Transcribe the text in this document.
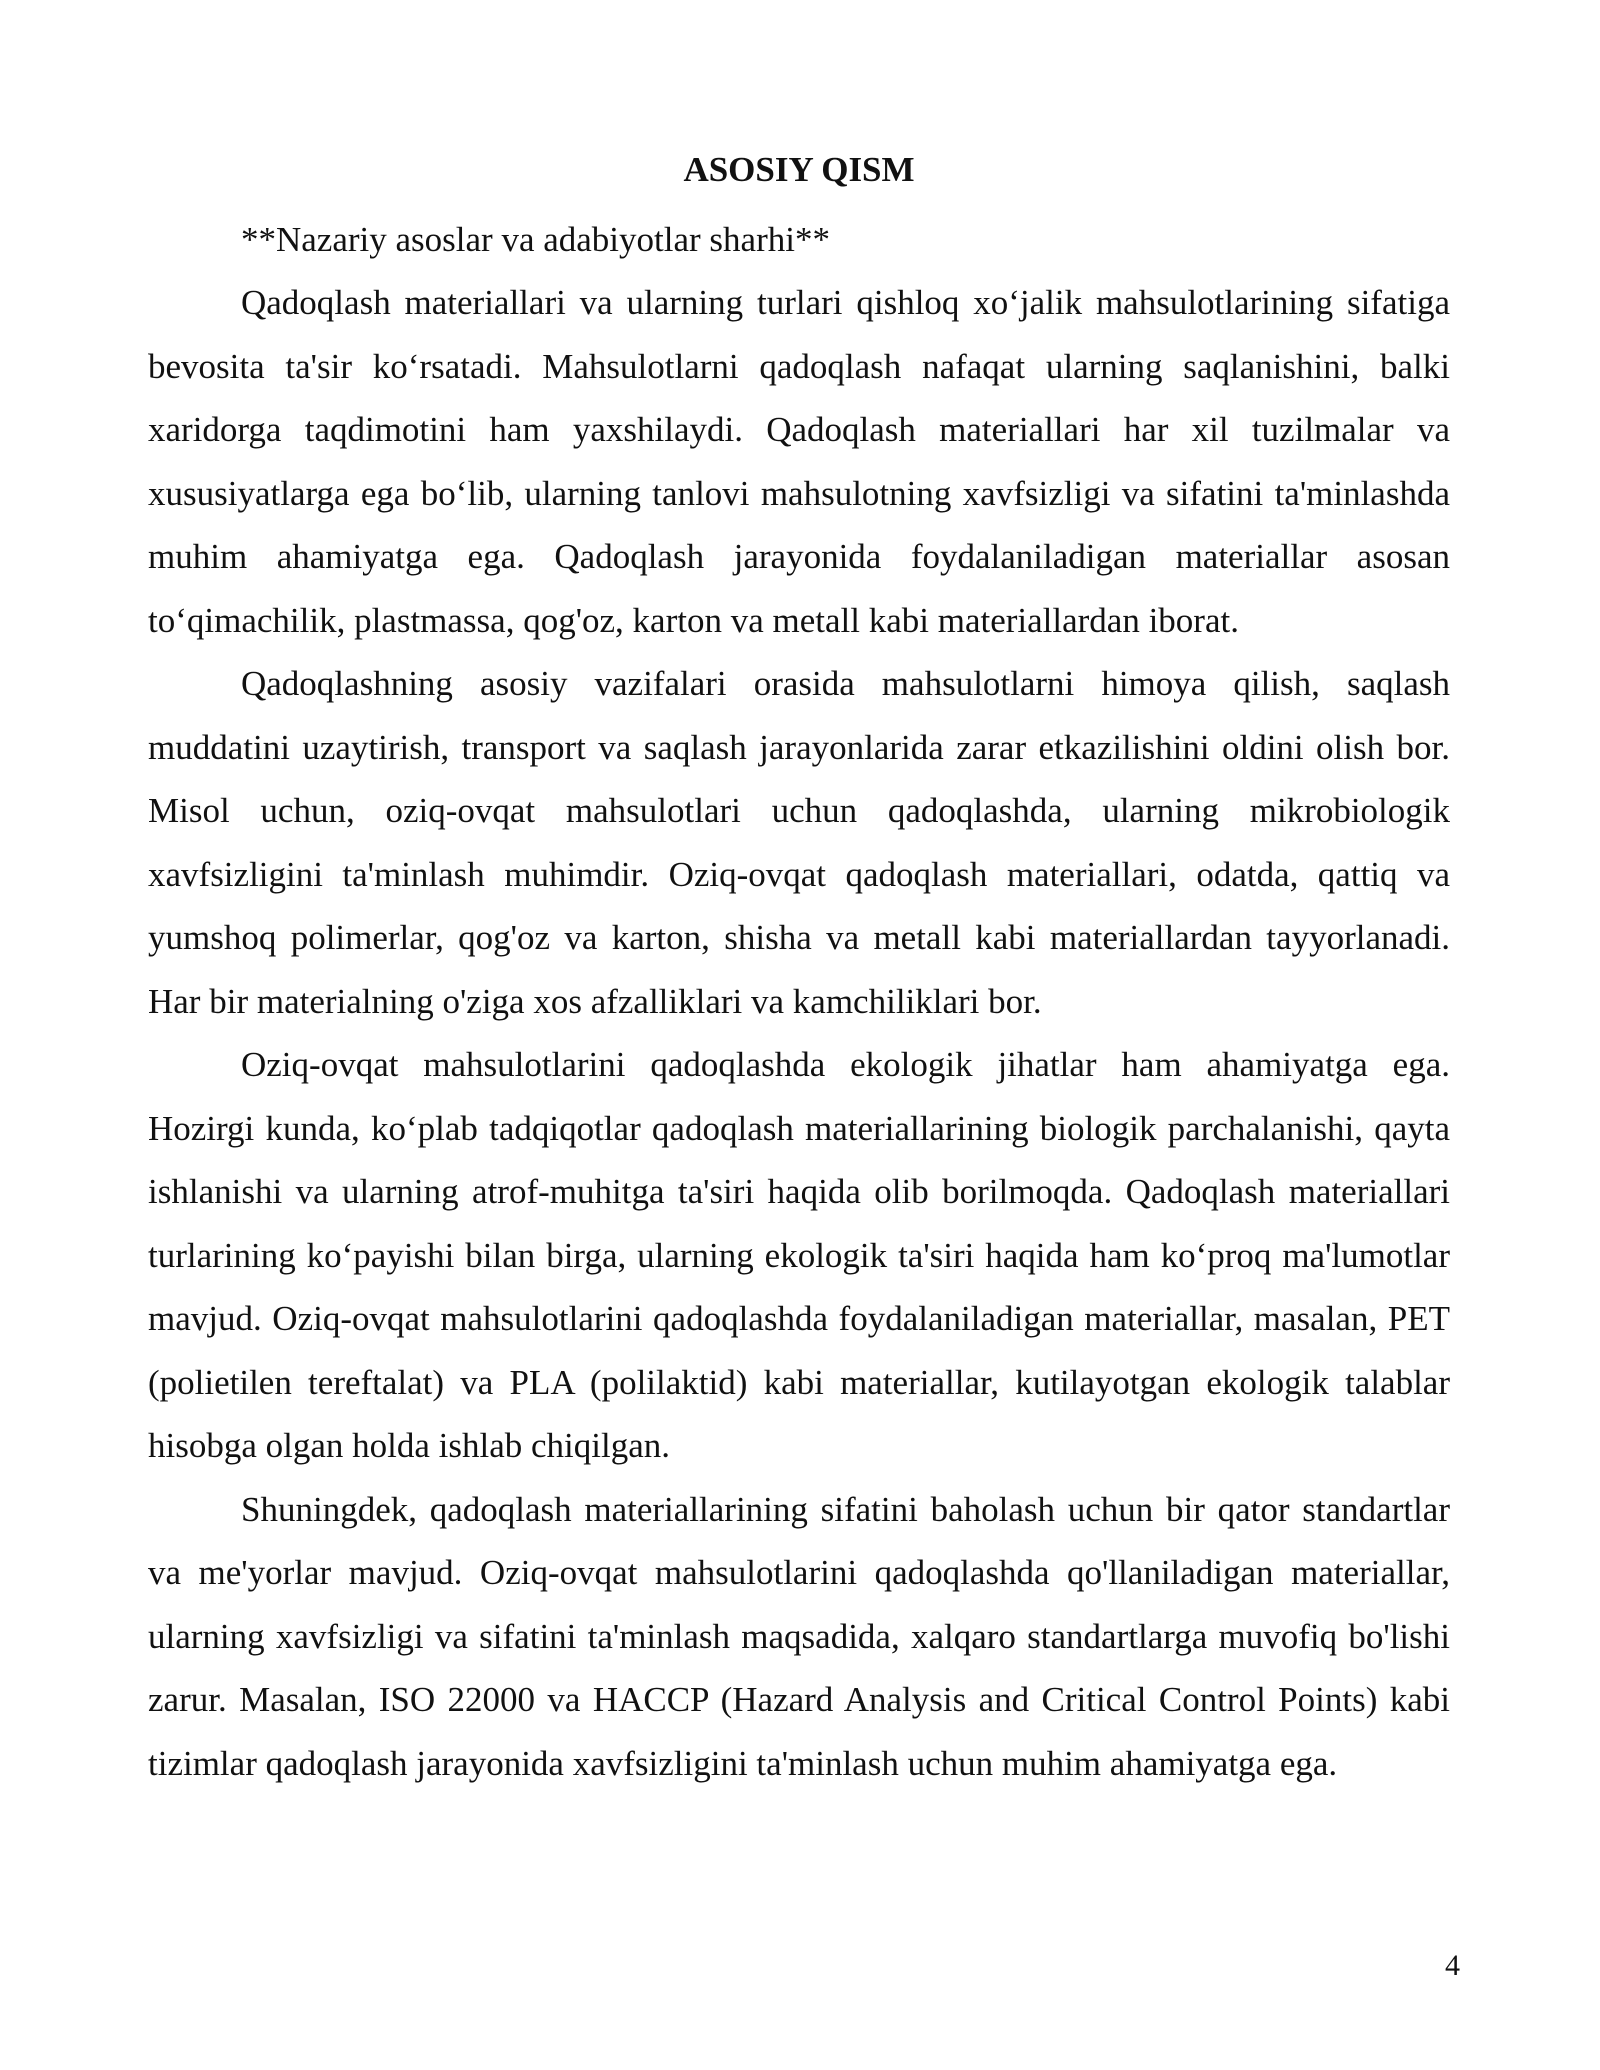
ASOSIY QISM

**Nazariy asoslar va adabiyotlar sharhi**

Qadoqlash materiallari va ularning turlari qishloq xo‘jalik mahsulotlarining sifatiga bevosita ta'sir ko‘rsatadi. Mahsulotlarni qadoqlash nafaqat ularning saqlanishini, balki xaridorga taqdimotini ham yaxshilaydi. Qadoqlash materiallari har xil tuzilmalar va xususiyatlarga ega bo‘lib, ularning tanlovi mahsulotning xavfsizligi va sifatini ta'minlashda muhim ahamiyatga ega. Qadoqlash jarayonida foydalaniladigan materiallar asosan to‘qimachilik, plastmassa, qog'oz, karton va metall kabi materiallardan iborat.

Qadoqlashning asosiy vazifalari orasida mahsulotlarni himoya qilish, saqlash muddatini uzaytirish, transport va saqlash jarayonlarida zarar etkazilishini oldini olish bor. Misol uchun, oziq-ovqat mahsulotlari uchun qadoqlashda, ularning mikrobiologik xavfsizligini ta'minlash muhimdir. Oziq-ovqat qadoqlash materiallari, odatda, qattiq va yumshoq polimerlar, qog'oz va karton, shisha va metall kabi materiallardan tayyorlanadi. Har bir materialning o'ziga xos afzalliklari va kamchiliklari bor.

Oziq-ovqat mahsulotlarini qadoqlashda ekologik jihatlar ham ahamiyatga ega. Hozirgi kunda, ko‘plab tadqiqotlar qadoqlash materiallarining biologik parchalanishi, qayta ishlanishi va ularning atrof-muhitga ta'siri haqida olib borilmoqda. Qadoqlash materiallari turlarining ko‘payishi bilan birga, ularning ekologik ta'siri haqida ham ko‘proq ma'lumotlar mavjud. Oziq-ovqat mahsulotlarini qadoqlashda foydalaniladigan materiallar, masalan, PET (polietilen tereftalat) va PLA (polilaktid) kabi materiallar, kutilayotgan ekologik talablar hisobga olgan holda ishlab chiqilgan.

Shuningdek, qadoqlash materiallarining sifatini baholash uchun bir qator standartlar va me'yorlar mavjud. Oziq-ovqat mahsulotlarini qadoqlashda qo'llaniladigan materiallar, ularning xavfsizligi va sifatini ta'minlash maqsadida, xalqaro standartlarga muvofiq bo'lishi zarur. Masalan, ISO 22000 va HACCP (Hazard Analysis and Critical Control Points) kabi tizimlar qadoqlash jarayonida xavfsizligini ta'minlash uchun muhim ahamiyatga ega.

4
